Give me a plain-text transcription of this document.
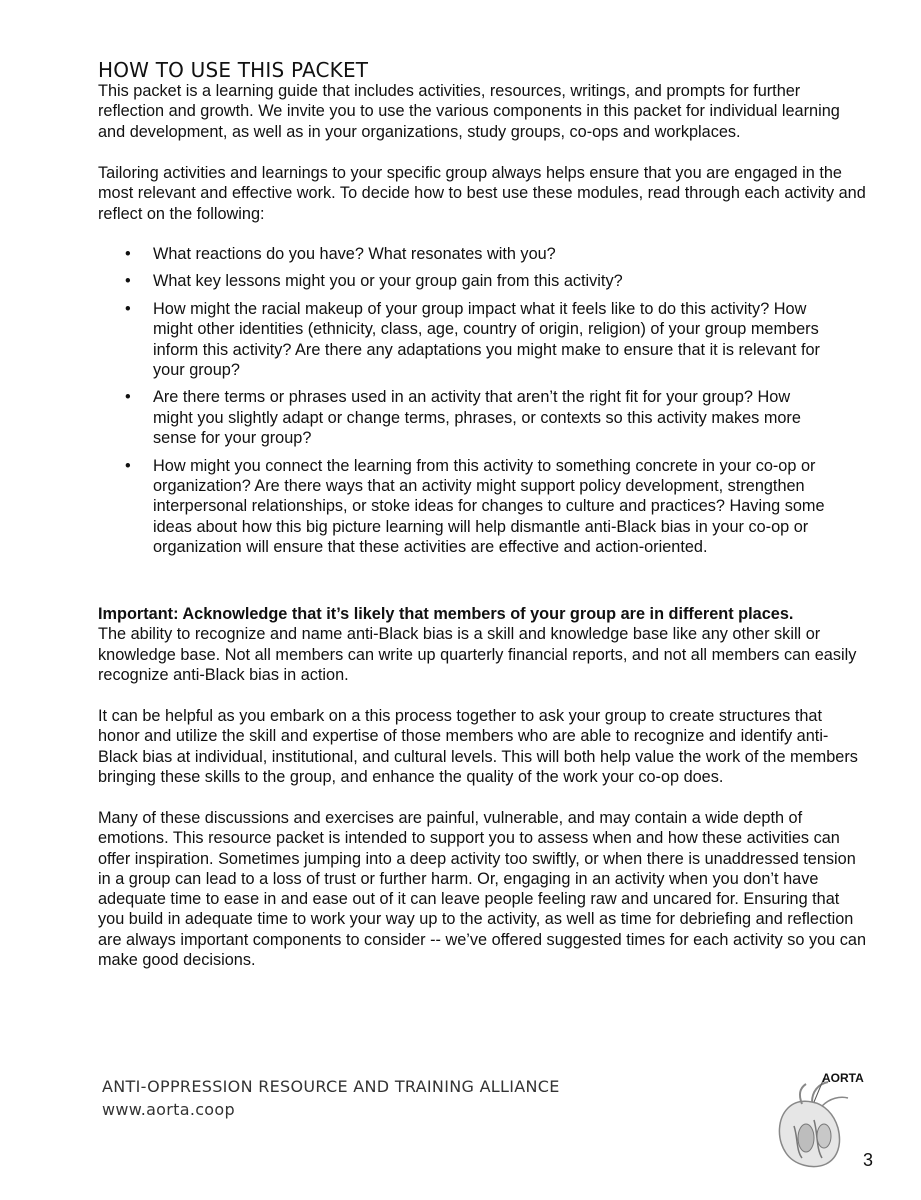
HOW TO USE THIS PACKET
This packet is a learning guide that includes activities, resources, writings, and prompts for further reflection and growth. We invite you to use the various components in this packet for individual learning and development, as well as in your organizations, study groups, co-ops and workplaces.
Tailoring activities and learnings to your specific group always helps ensure that you are engaged in the most relevant and effective work. To decide how to best use these modules, read through each activity and reflect on the following:
• What reactions do you have? What resonates with you?
• What key lessons might you or your group gain from this activity?
• How might the racial makeup of your group impact what it feels like to do this activity? How might other identities (ethnicity, class, age, country of origin, religion) of your group members inform this activity? Are there any adaptations you might make to ensure that it is relevant for your group?
• Are there terms or phrases used in an activity that aren’t the right fit for your group? How might you slightly adapt or change terms, phrases, or contexts so this activity makes more sense for your group?
• How might you connect the learning from this activity to something concrete in your co-op or organization? Are there ways that an activity might support policy development, strengthen interpersonal relationships, or stoke ideas for changes to culture and practices? Having some ideas about how this big picture learning will help dismantle anti-Black bias in your co-op or organization will ensure that these activities are effective and action-oriented.
Important: Acknowledge that it’s likely that members of your group are in different places.
The ability to recognize and name anti-Black bias is a skill and knowledge base like any other skill or knowledge base. Not all members can write up quarterly financial reports, and not all members can easily recognize anti-Black bias in action.
It can be helpful as you embark on a this process together to ask your group to create structures that honor and utilize the skill and expertise of those members who are able to recognize and identify anti-Black bias at individual, institutional, and cultural levels. This will both help value the work of the members bringing these skills to the group, and enhance the quality of the work your co-op does.
Many of these discussions and exercises are painful, vulnerable, and may contain a wide depth of emotions. This resource packet is intended to support you to assess when and how these activities can offer inspiration. Sometimes jumping into a deep activity too swiftly, or when there is unaddressed tension in a group can lead to a loss of trust or further harm. Or, engaging in an activity when you don’t have adequate time to ease in and ease out of it can leave people feeling raw and uncared for. Ensuring that you build in adequate time to work your way up to the activity, as well as time for debriefing and reflection are always important components to consider -- we’ve offered suggested times for each activity so you can make good decisions.
ANTI-OPPRESSION RESOURCE AND TRAINING ALLIANCE
www.aorta.coop
AORTA
3
